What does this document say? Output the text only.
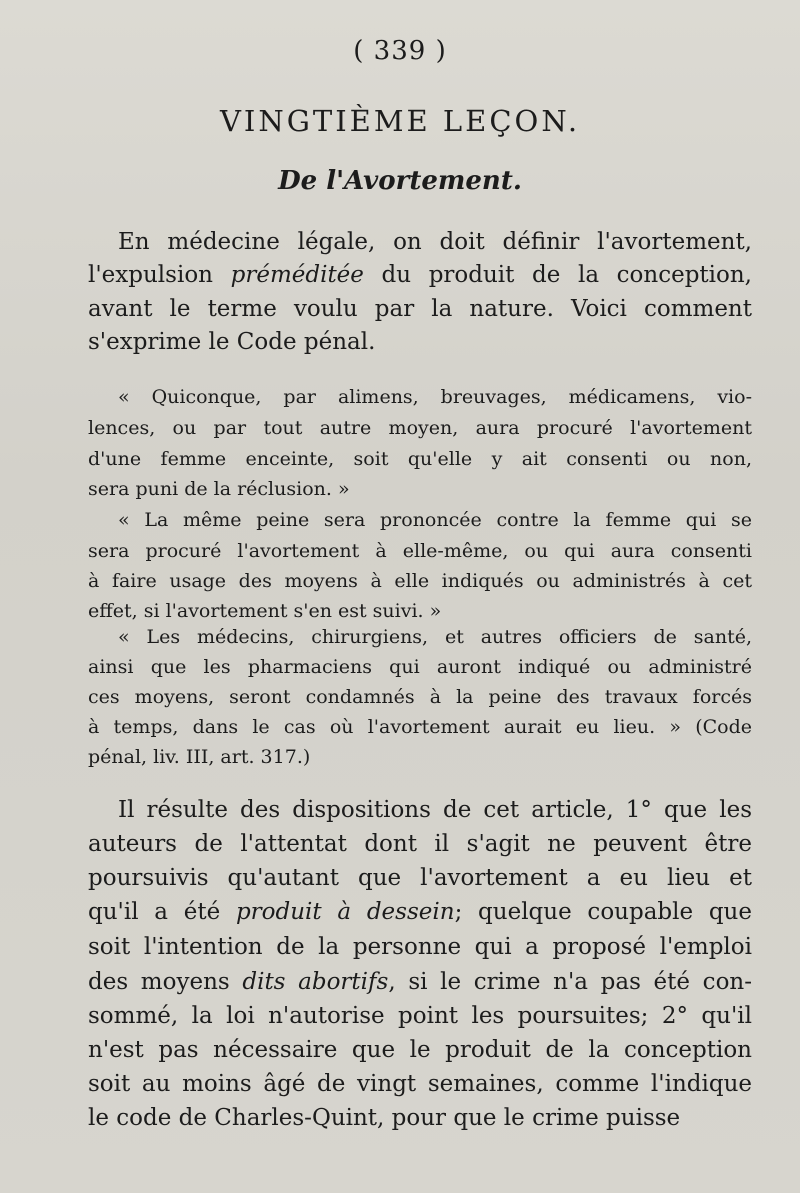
( 339 )
VINGTIÈME LEÇON.
De l'Avortement.
En médecine légale, on doit définir l'avortement,
l'expulsion préméditée du produit de la conception,
avant le terme voulu par la nature. Voici comment
s'exprime le Code pénal.
« Quiconque, par alimens, breuvages, médicamens, vio-
lences, ou par tout autre moyen, aura procuré l'avortement
d'une femme enceinte, soit qu'elle y ait consenti ou non,
sera puni de la réclusion. »
« La même peine sera prononcée contre la femme qui se
sera procuré l'avortement à elle-même, ou qui aura consenti
à faire usage des moyens à elle indiqués ou administrés à cet
effet, si l'avortement s'en est suivi. »
« Les médecins, chirurgiens, et autres officiers de santé,
ainsi que les pharmaciens qui auront indiqué ou administré
ces moyens, seront condamnés à la peine des travaux forcés
à temps, dans le cas où l'avortement aurait eu lieu. » (Code
pénal, liv. III, art. 317.)
Il résulte des dispositions de cet article, 1° que les
auteurs de l'attentat dont il s'agit ne peuvent être
poursuivis qu'autant que l'avortement a eu lieu et
qu'il a été produit à dessein; quelque coupable que
soit l'intention de la personne qui a proposé l'emploi
des moyens dits abortifs, si le crime n'a pas été con-
sommé, la loi n'autorise point les poursuites; 2° qu'il
n'est pas nécessaire que le produit de la conception
soit au moins âgé de vingt semaines, comme l'indique
le code de Charles-Quint, pour que le crime puisse
